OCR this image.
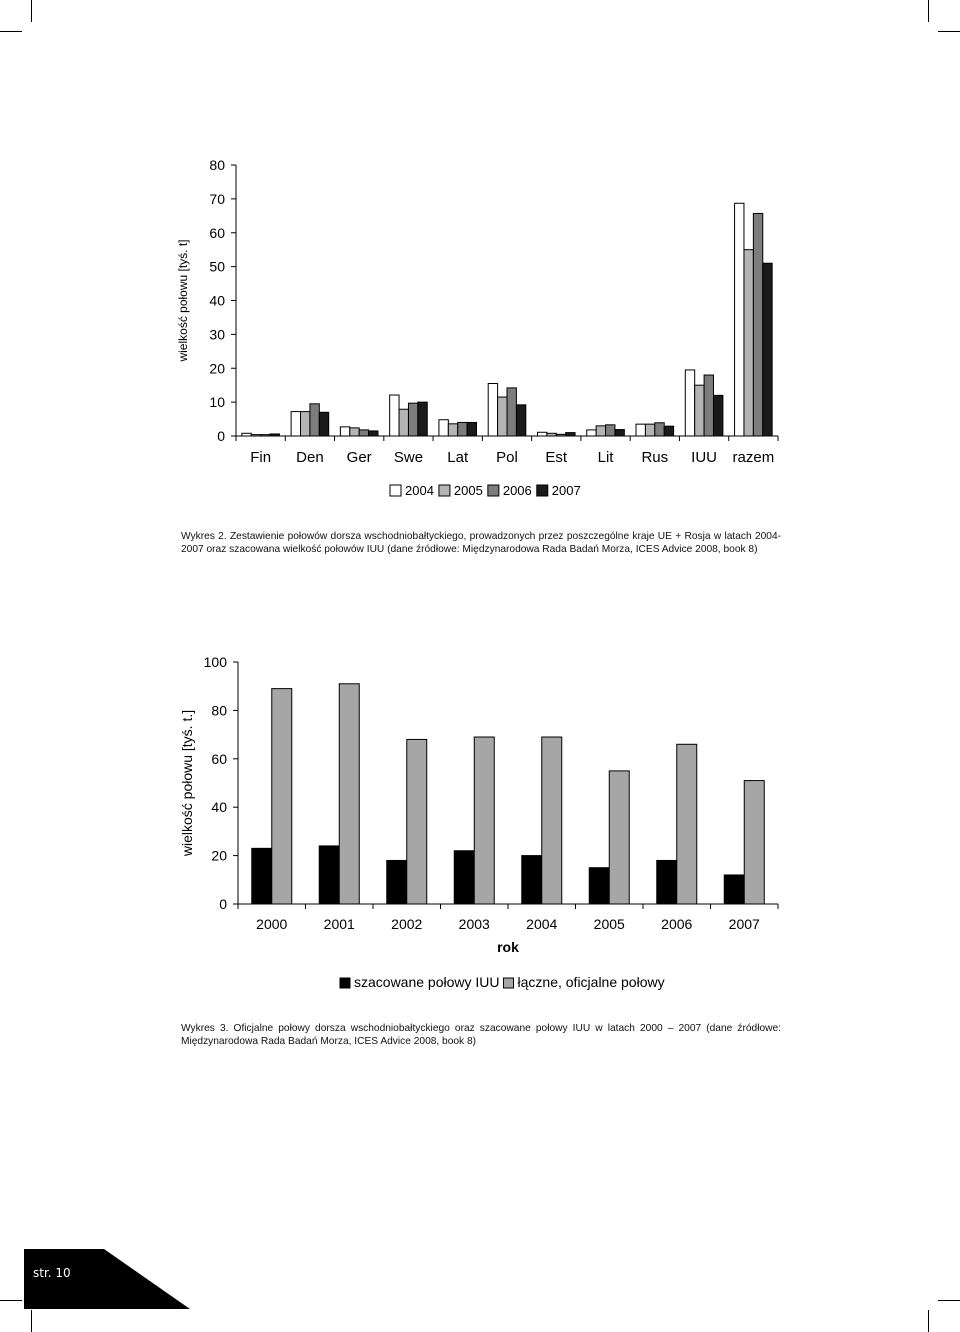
0
10
20
30
40
50
60
70
80
wielkość połowu [tyś. t]
Fin Den Ger Swe Lat Pol Est Lit Rus IUU razem
2004 2005 2006 2007
Wykres 2. Zestawienie połowów dorsza wschodniobałtyckiego, prowadzonych przez poszczególne kraje UE + Rosja w latach 2004-2007 oraz szacowana wielkość połowów IUU (dane źródłowe: Międzynarodowa Rada Badań Morza, ICES Advice 2008, book 8)
0
20
40
60
80
100
wielkość połowu [tyś. t.]
2000	2001	2002	2003	2004	2005	2006	2007
rok
szacowane połowy IUU łączne, oficjalne połowy
Wykres 3. Oficjalne połowy dorsza wschodniobałtyckiego oraz szacowane połowy IUU w latach 2000 – 2007 (dane źródłowe: Międzynarodowa Rada Badań Morza, ICES Advice 2008, book 8)
str. 10
